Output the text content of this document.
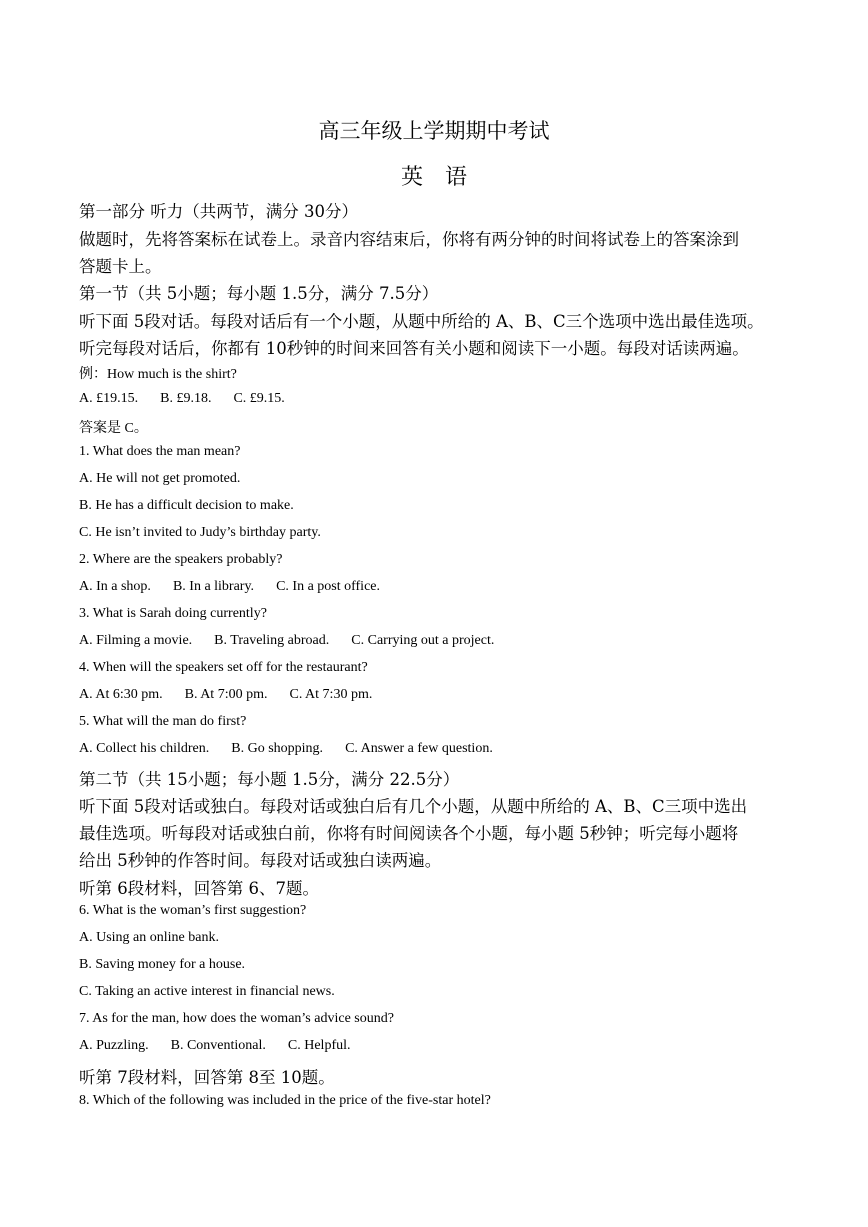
高三年级上学期期中考试
英　语
第一部分 听力（共两节，满分 30分）
做题时，先将答案标在试卷上。录音内容结束后，你将有两分钟的时间将试卷上的答案涂到
答题卡上。
第一节（共 5小题；每小题 1.5分，满分 7.5分）
听下面 5段对话。每段对话后有一个小题，从题中所给的 A、B、C三个选项中选出最佳选项。
听完每段对话后，你都有 10秒钟的时间来回答有关小题和阅读下一小题。每段对话读两遍。
例：How much is the shirt?
A. £19.15. B. £9.18. C. £9.15.
答案是 C。
1. What does the man mean?
A. He will not get promoted.
B. He has a difficult decision to make.
C. He isn’t invited to Judy’s birthday party.
2. Where are the speakers probably?
A. In a shop. B. In a library. C. In a post office.
3. What is Sarah doing currently?
A. Filming a movie. B. Traveling abroad. C. Carrying out a project.
4. When will the speakers set off for the restaurant?
A. At 6:30 pm. B. At 7:00 pm. C. At 7:30 pm.
5. What will the man do first?
A. Collect his children. B. Go shopping. C. Answer a few question.
第二节（共 15小题；每小题 1.5分，满分 22.5分）
听下面 5段对话或独白。每段对话或独白后有几个小题，从题中所给的 A、B、C三项中选出
最佳选项。听每段对话或独白前，你将有时间阅读各个小题，每小题 5秒钟；听完每小题将
给出 5秒钟的作答时间。每段对话或独白读两遍。
听第 6段材料，回答第 6、7题。
6. What is the woman’s first suggestion?
A. Using an online bank.
B. Saving money for a house.
C. Taking an active interest in financial news.
7. As for the man, how does the woman’s advice sound?
A. Puzzling. B. Conventional. C. Helpful.
听第 7段材料，回答第 8至 10题。
8. Which of the following was included in the price of the five-star hotel?
